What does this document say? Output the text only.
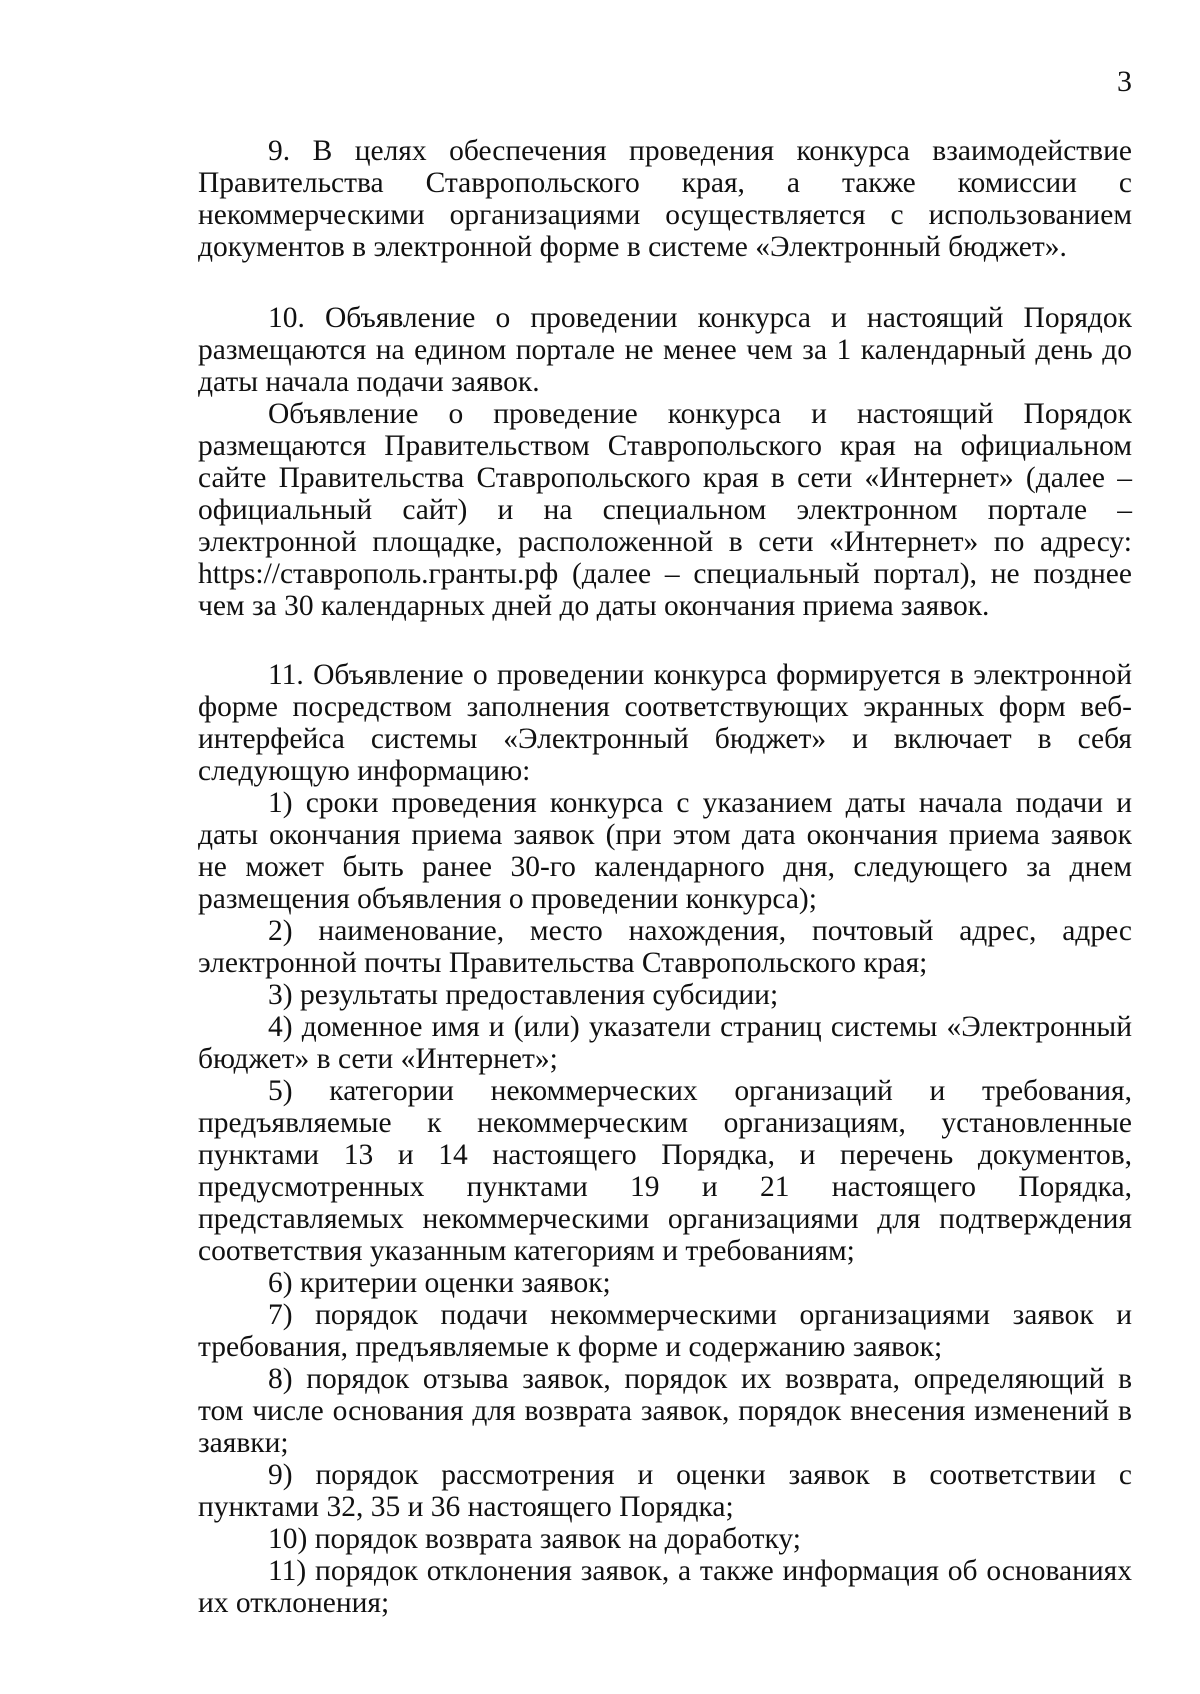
3

9. В целях обеспечения проведения конкурса взаимодействие Правительства Ставропольского края, а также комиссии с некоммерческими организациями осуществляется с использованием документов в электронной форме в системе «Электронный бюджет».

10. Объявление о проведении конкурса и настоящий Порядок размещаются на едином портале не менее чем за 1 календарный день до даты начала подачи заявок.

Объявление о проведение конкурса и настоящий Порядок размещаются Правительством Ставропольского края на официальном сайте Правительства Ставропольского края в сети «Интернет» (далее – официальный сайт) и на специальном электронном портале – электронной площадке, расположенной в сети «Интернет» по адресу: https://ставрополь.гранты.рф (далее – специальный портал), не позднее чем за 30 календарных дней до даты окончания приема заявок.

11. Объявление о проведении конкурса формируется в электронной форме посредством заполнения соответствующих экранных форм веб-интерфейса системы «Электронный бюджет» и включает в себя следующую информацию:

1) сроки проведения конкурса с указанием даты начала подачи и даты окончания приема заявок (при этом дата окончания приема заявок не может быть ранее 30-го календарного дня, следующего за днем размещения объявления о проведении конкурса);

2) наименование, место нахождения, почтовый адрес, адрес электронной почты Правительства Ставропольского края;

3) результаты предоставления субсидии;

4) доменное имя и (или) указатели страниц системы «Электронный бюджет» в сети «Интернет»;

5) категории некоммерческих организаций и требования, предъявляемые к некоммерческим организациям, установленные пунктами 13 и 14 настоящего Порядка, и перечень документов, предусмотренных пунктами 19 и 21 настоящего Порядка, представляемых некоммерческими организациями для подтверждения соответствия указанным категориям и требованиям;

6) критерии оценки заявок;

7) порядок подачи некоммерческими организациями заявок и требования, предъявляемые к форме и содержанию заявок;

8) порядок отзыва заявок, порядок их возврата, определяющий в том числе основания для возврата заявок, порядок внесения изменений в заявки;

9) порядок рассмотрения и оценки заявок в соответствии с пунктами 32, 35 и 36 настоящего Порядка;

10) порядок возврата заявок на доработку;

11) порядок отклонения заявок, а также информация об основаниях их отклонения;
